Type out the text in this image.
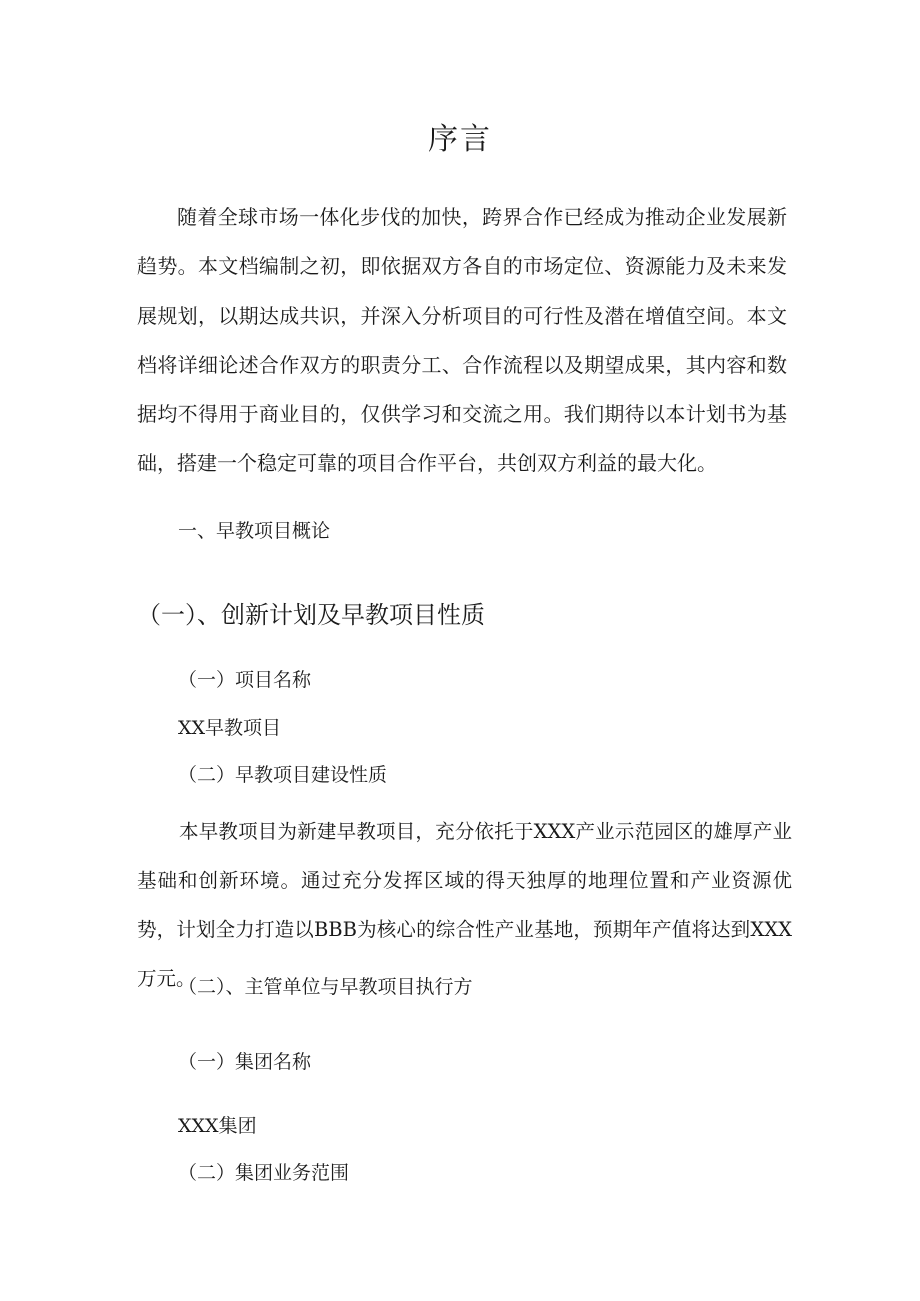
序言

随着全球市场一体化步伐的加快，跨界合作已经成为推动企业发展新趋势。本文档编制之初，即依据双方各自的市场定位、资源能力及未来发展规划，以期达成共识，并深入分析项目的可行性及潜在增值空间。本文档将详细论述合作双方的职责分工、合作流程以及期望成果，其内容和数据均不得用于商业目的，仅供学习和交流之用。我们期待以本计划书为基础，搭建一个稳定可靠的项目合作平台，共创双方利益的最大化。

一、早教项目概论
（一）、创新计划及早教项目性质
（一）项目名称
XX早教项目
（二）早教项目建设性质

本早教项目为新建早教项目，充分依托于XXX产业示范园区的雄厚产业基础和创新环境。通过充分发挥区域的得天独厚的地理位置和产业资源优势，计划全力打造以BBB为核心的综合性产业基地，预期年产值将达到XXX万元。

（二）、主管单位与早教项目执行方
（一）集团名称
XXX集团
（二）集团业务范围
